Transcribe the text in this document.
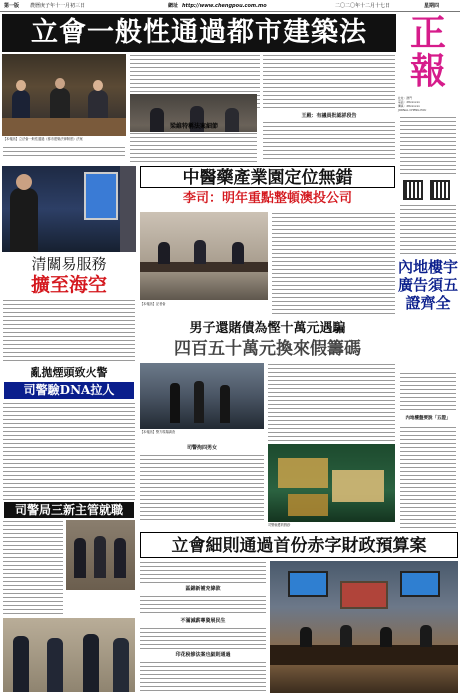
第一版 農曆庚子年十一月初三日	網址 http://www.chengpou.com.mo	二〇二〇年十二月十七日	星期四
立會一般性通過都市建築法	正
報
社址：澳門
電話：28xxxxxx
傳真：28xxxxxx
JORNAL CHENG POU
【本報訊】立法會一般性通過《都市建築法律制度》法案
梁維特稱法案細節
王殿：有議員批認詳段告
清關易服務
擴至海空
亂拋煙頭致火警
司警驗DNA拉人
司警局三新主管就職
中醫藥產業園定位無錯
李司：明年重點整頓澳投公司
【本報訊】記者會
男子還賭債為慳十萬元遇騙
四百五十萬元換來假籌碼
【本報訊】警方現場調查
司警拘四男女
司警檢獲的假鈔
內地樓宇廣告須五證齊全
內地樓盤要說「五證」
立會細則通過首份赤字財政預算案
區錦新補充條款
不滿減薪專資展民生
印花稅修法案也細則通過
